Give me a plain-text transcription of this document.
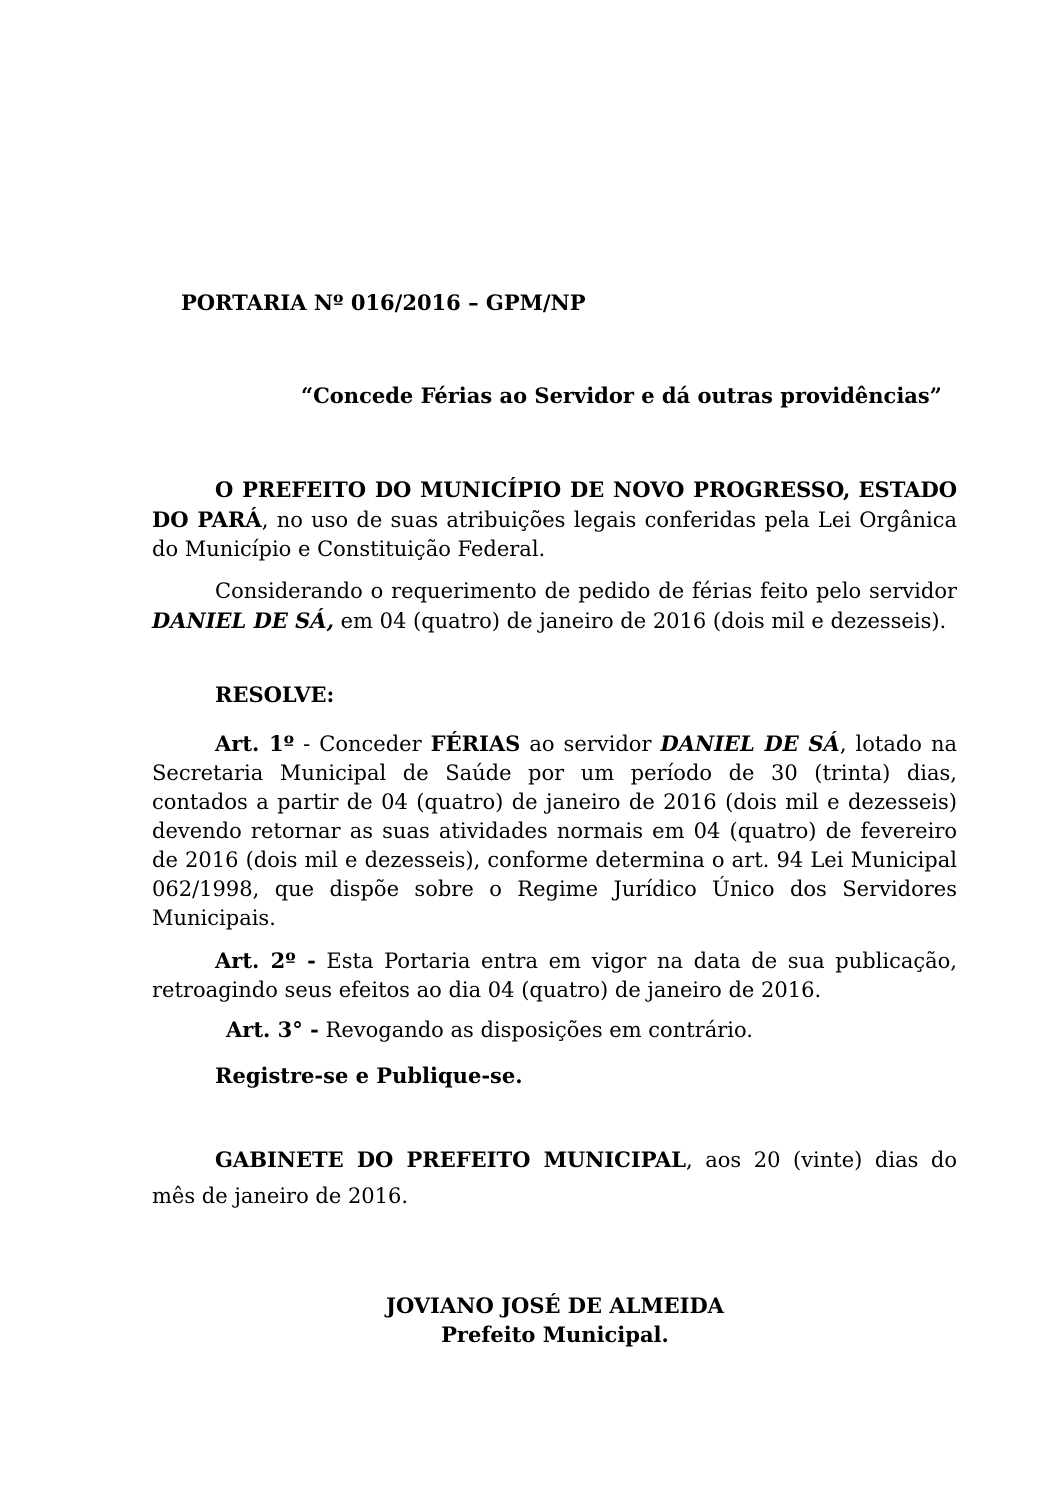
PORTARIA Nº 016/2016 – GPM/NP
“Concede Férias ao Servidor e dá outras providências”
O PREFEITO DO MUNICÍPIO DE NOVO PROGRESSO, ESTADO DO PARÁ, no uso de suas atribuições legais conferidas pela Lei Orgânica do Município e Constituição Federal.
Considerando o requerimento de pedido de férias feito pelo servidor DANIEL DE SÁ, em 04 (quatro) de janeiro de 2016 (dois mil e dezesseis).
RESOLVE:
Art. 1º - Conceder FÉRIAS ao servidor DANIEL DE SÁ, lotado na Secretaria Municipal de Saúde por um período de 30 (trinta) dias, contados a partir de 04 (quatro) de janeiro de 2016 (dois mil e dezesseis) devendo retornar as suas atividades normais em 04 (quatro) de fevereiro de 2016 (dois mil e dezesseis), conforme determina o art. 94 Lei Municipal 062/1998, que dispõe sobre o Regime Jurídico Único dos Servidores Municipais.
Art. 2º - Esta Portaria entra em vigor na data de sua publicação, retroagindo seus efeitos ao dia 04 (quatro) de janeiro de 2016.
Art. 3° - Revogando as disposições em contrário.
Registre-se e Publique-se.
GABINETE DO PREFEITO MUNICIPAL, aos 20 (vinte) dias do mês de janeiro de 2016.
JOVIANO JOSÉ DE ALMEIDA
Prefeito Municipal.
